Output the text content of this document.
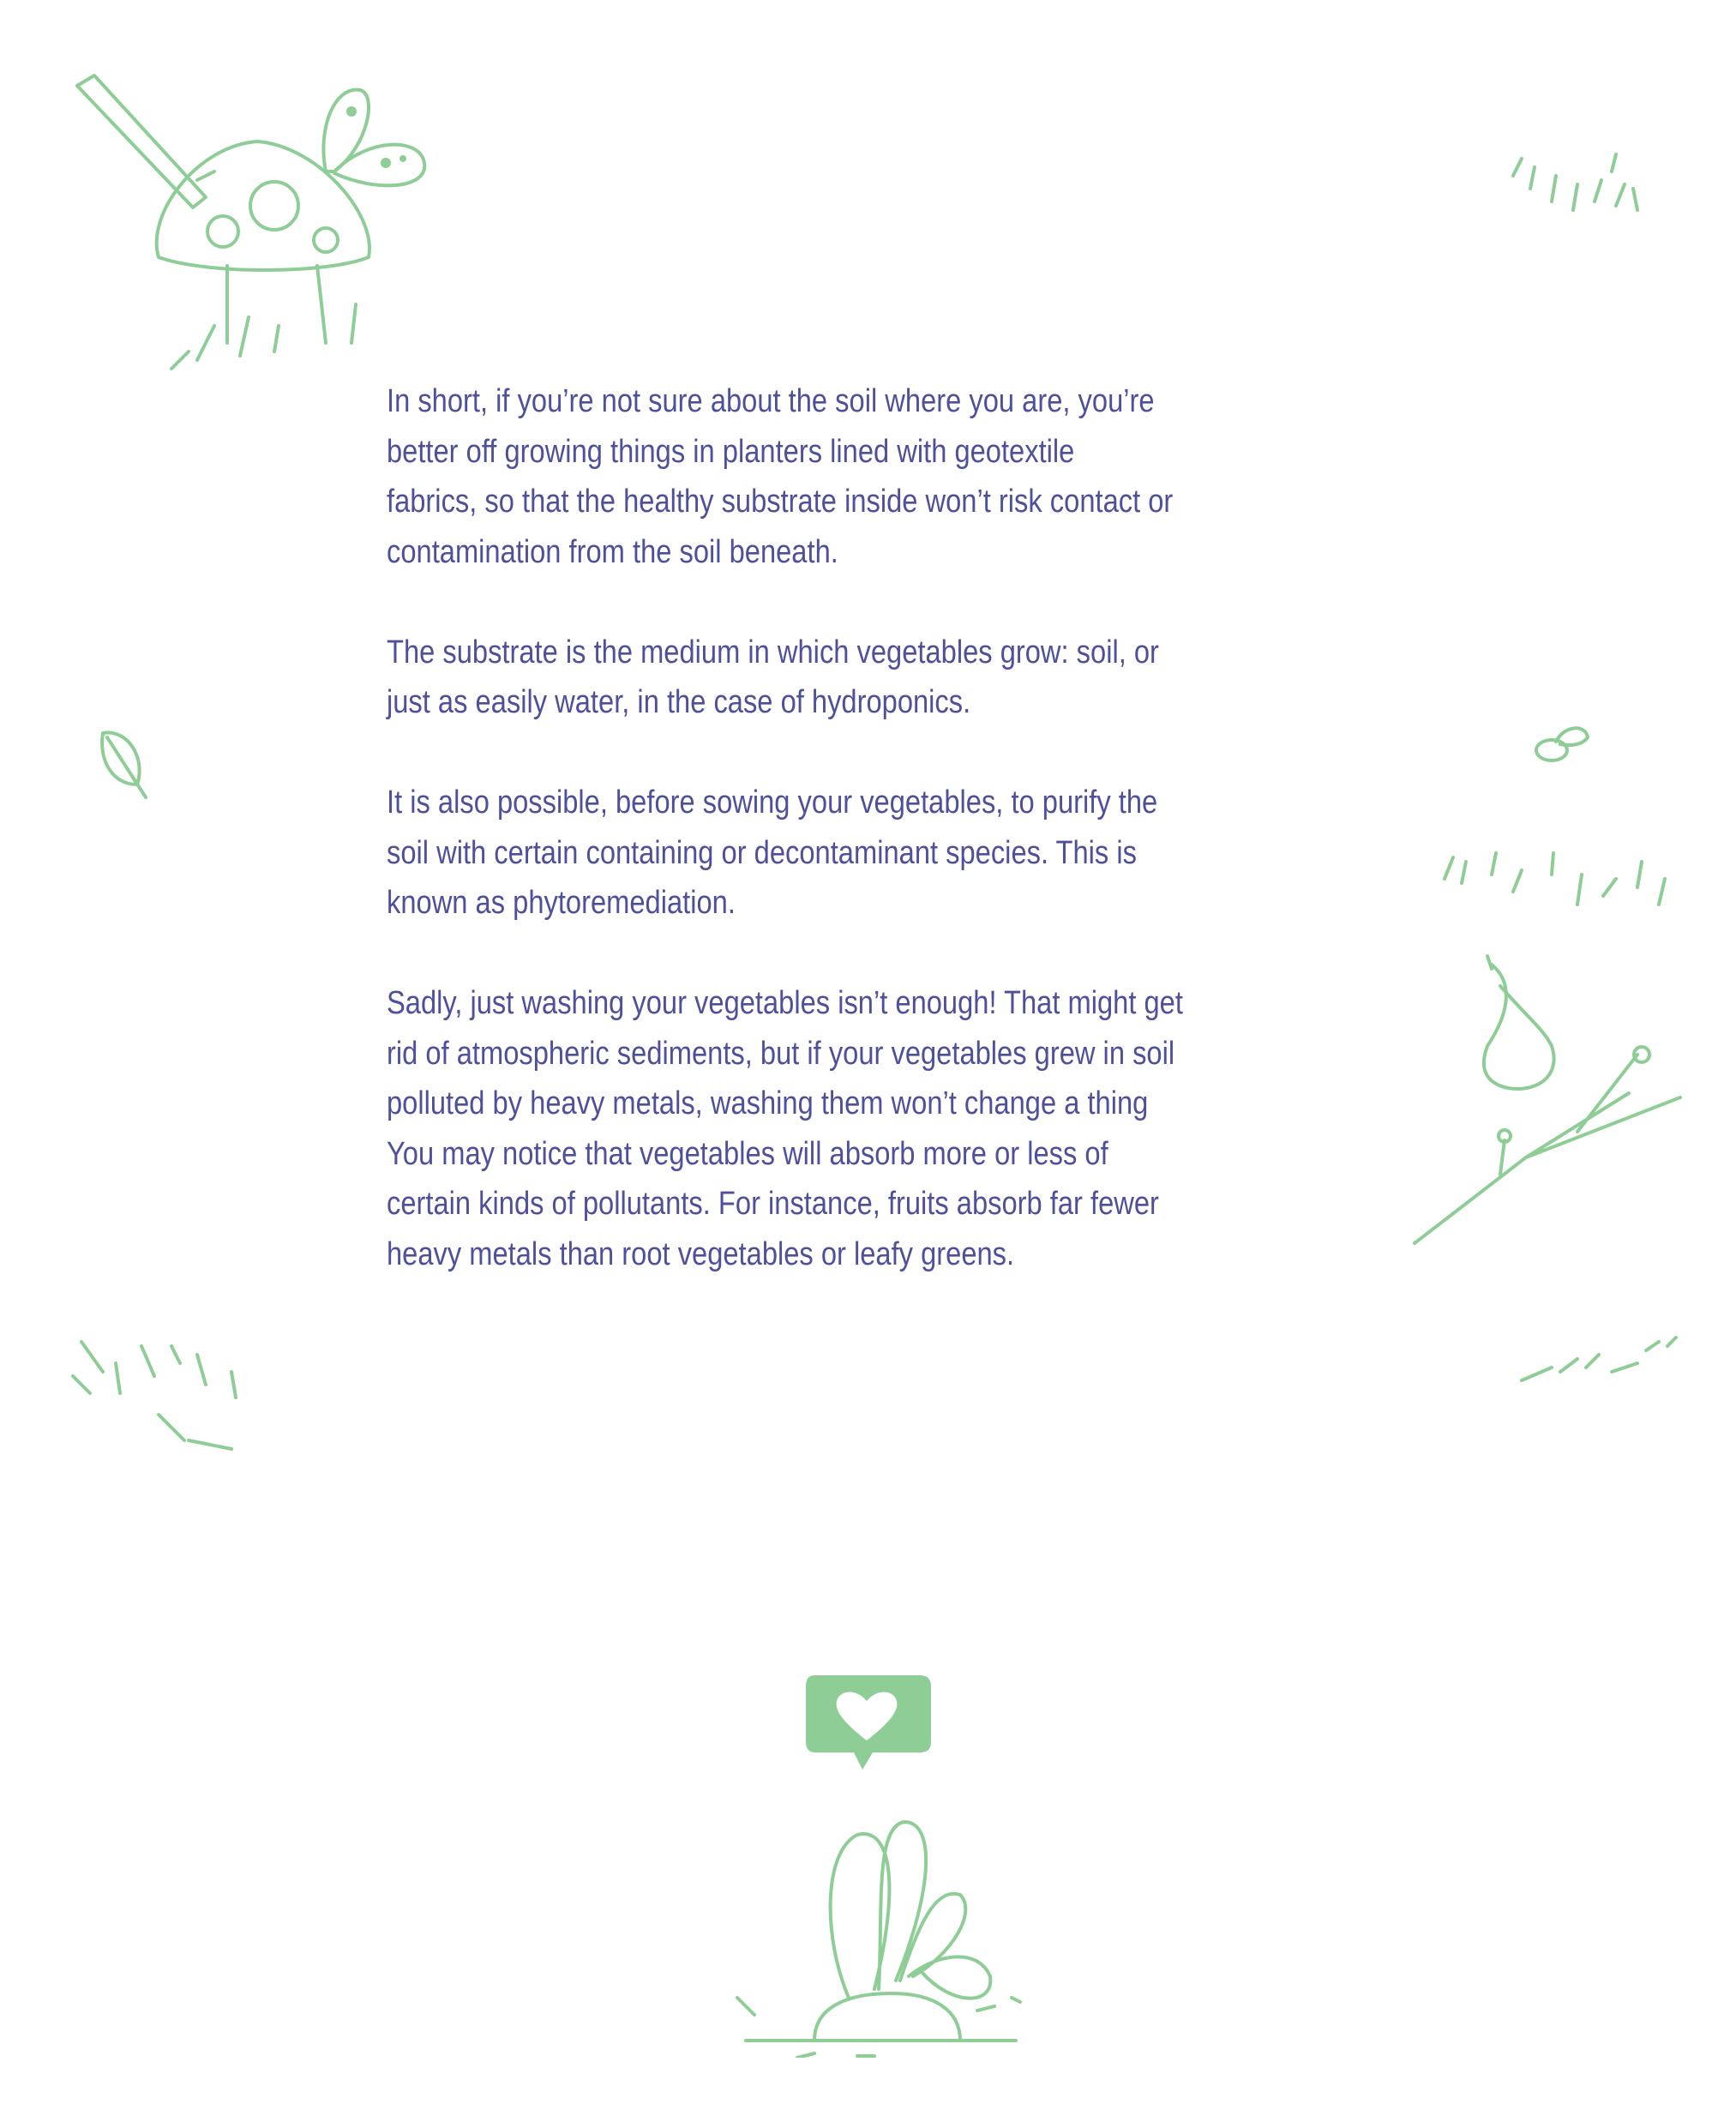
In short, if you’re not sure about the soil where you are, you’re
better off growing things in planters lined with geotextile
fabrics, so that the healthy substrate inside won’t risk contact or
contamination from the soil beneath.

The substrate is the medium in which vegetables grow: soil, or
just as easily water, in the case of hydroponics.

It is also possible, before sowing your vegetables, to purify the
soil with certain containing or decontaminant species. This is
known as phytoremediation.

Sadly, just washing your vegetables isn’t enough! That might get
rid of atmospheric sediments, but if your vegetables grew in soil
polluted by heavy metals, washing them won’t change a thing
You may notice that vegetables will absorb more or less of
certain kinds of pollutants. For instance, fruits absorb far fewer
heavy metals than root vegetables or leafy greens.
